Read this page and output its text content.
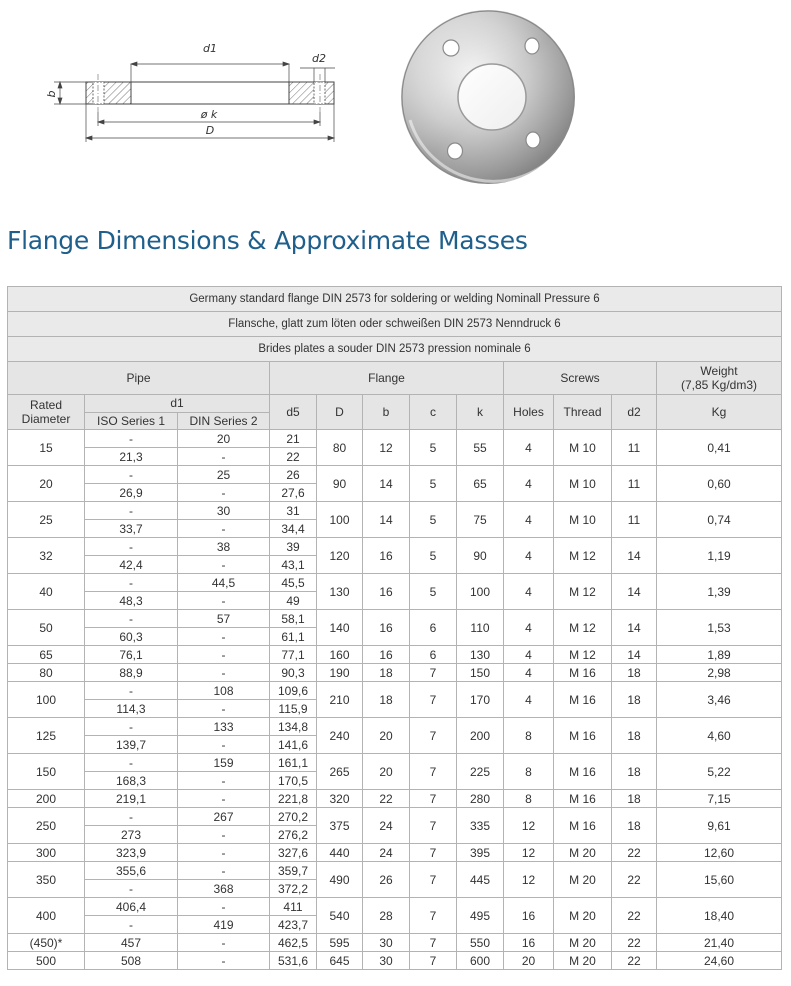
d1
d2
b
ø k
D
Flange Dimensions & Approximate Masses
Germany standard flange DIN 2573 for soldering or welding Nominall Pressure 6											
Flansche, glatt zum löten oder schweißen DIN 2573 Nenndruck 6											
Brides plates a souder DIN 2573 pression nominale 6											
Pipe			Flange					Screws			Weight
(7,85 Kg/dm3)
Rated
Diameter	d1		d5	D	b	c	k	Holes	Thread	d2	Kg
	ISO Series 1	DIN Series 2									
15	-	20	21	80	12	5	55	4	M 10	11	0,41
	21,3	-	22								
20	-	25	26	90	14	5	65	4	M 10	11	0,60
	26,9	-	27,6								
25	-	30	31	100	14	5	75	4	M 10	11	0,74
	33,7	-	34,4								
32	-	38	39	120	16	5	90	4	M 12	14	1,19
	42,4	-	43,1								
40	-	44,5	45,5	130	16	5	100	4	M 12	14	1,39
	48,3	-	49								
50	-	57	58,1	140	16	6	110	4	M 12	14	1,53
	60,3	-	61,1								
65	76,1	-	77,1	160	16	6	130	4	M 12	14	1,89
80	88,9	-	90,3	190	18	7	150	4	M 16	18	2,98
100	-	108	109,6	210	18	7	170	4	M 16	18	3,46
	114,3	-	115,9								
125	-	133	134,8	240	20	7	200	8	M 16	18	4,60
	139,7	-	141,6								
150	-	159	161,1	265	20	7	225	8	M 16	18	5,22
	168,3	-	170,5								
200	219,1	-	221,8	320	22	7	280	8	M 16	18	7,15
250	-	267	270,2	375	24	7	335	12	M 16	18	9,61
	273	-	276,2								
300	323,9	-	327,6	440	24	7	395	12	M 20	22	12,60
350	355,6	-	359,7	490	26	7	445	12	M 20	22	15,60
	-	368	372,2								
400	406,4	-	411	540	28	7	495	16	M 20	22	18,40
	-	419	423,7								
(450)*	457	-	462,5	595	30	7	550	16	M 20	22	21,40
500	508	-	531,6	645	30	7	600	20	M 20	22	24,60
